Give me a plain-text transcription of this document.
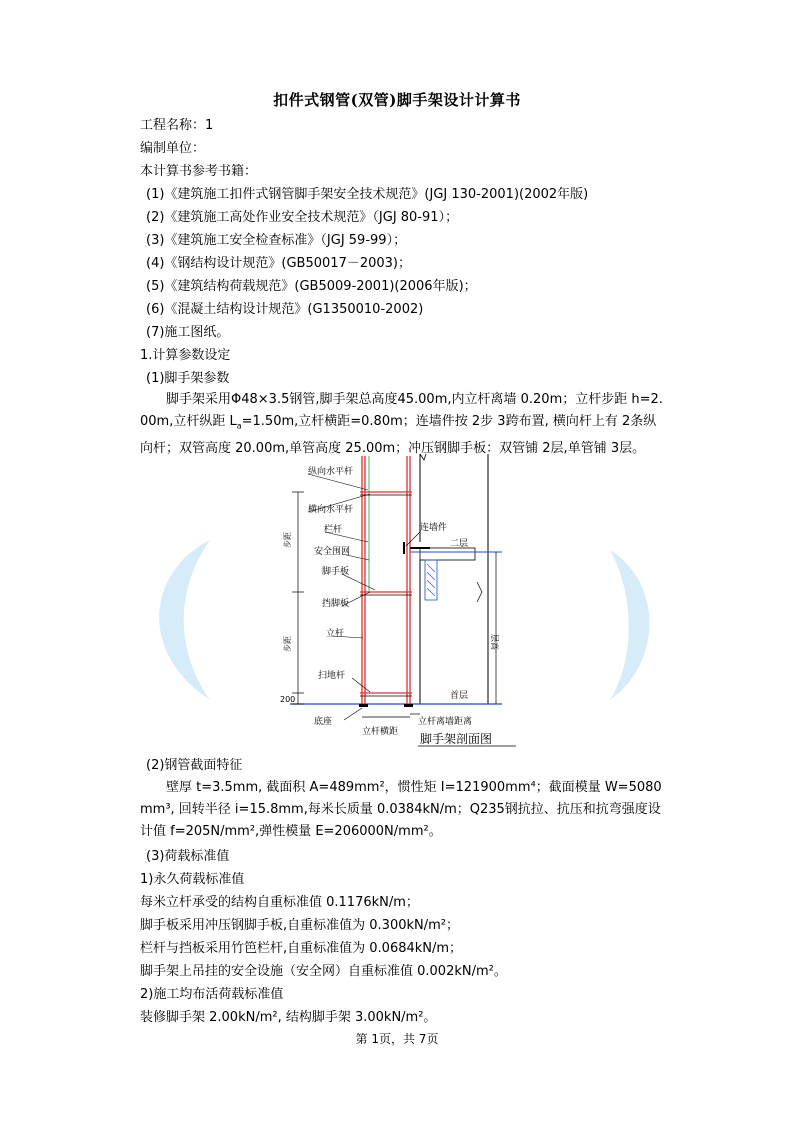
扣件式钢管(双管)脚手架设计计算书
工程名称：1
编制单位：
本计算书参考书籍：
(1)《建筑施工扣件式钢管脚手架安全技术规范》(JGJ 130-2001)(2002年版)
(2)《建筑施工高处作业安全技术规范》（JGJ 80-91）；
(3)《建筑施工安全检查标准》（JGJ 59-99）；
(4)《钢结构设计规范》(GB50017－2003)；
(5)《建筑结构荷载规范》(GB5009-2001)(2006年版)；
(6)《混凝土结构设计规范》(G1350010-2002)
(7)施工图纸。
1.计算参数设定
(1)脚手架参数
　　脚手架采用Φ48×3.5钢管,脚手架总高度45.00m,内立杆离墙 0.20m；立杆步距 h=2.00m,立杆纵距 $L_a=1.50m$,立杆横距=0.80m；连墙件按 2步 3跨布置, 横向杆上有 2条纵向杆；双管高度 20.00m,单管高度 25.00m；冲压钢脚手板：双管铺 2层,单管铺 3层。
纵向水平杆
横向水平杆
栏杆
安全围网
脚手板
挡脚板
立杆
扫地杆
底座
连墙件
二层
首层
步距
步距	层高
200
立杆横距
立杆离墙距离
脚手架剖面图
(2)钢管截面特征
　　壁厚 t=3.5mm, 截面积 A=489mm²，惯性矩 I=121900mm⁴；截面模量 W=5080mm³, 回转半径 i=15.8mm,每米长质量 0.0384kN/m；Q235钢抗拉、抗压和抗弯强度设计值 f=205N/mm²,弹性模量 E=206000N/mm²。
(3)荷载标准值
1)永久荷载标准值
每米立杆承受的结构自重标准值 0.1176kN/m；
脚手板采用冲压钢脚手板,自重标准值为 0.300kN/m²；
栏杆与挡板采用竹笆栏杆,自重标准值为 0.0684kN/m；
脚手架上吊挂的安全设施（安全网）自重标准值 0.002kN/m²。
2)施工均布活荷载标准值
装修脚手架 2.00kN/m², 结构脚手架 3.00kN/m²。
第 1页，共 7页
